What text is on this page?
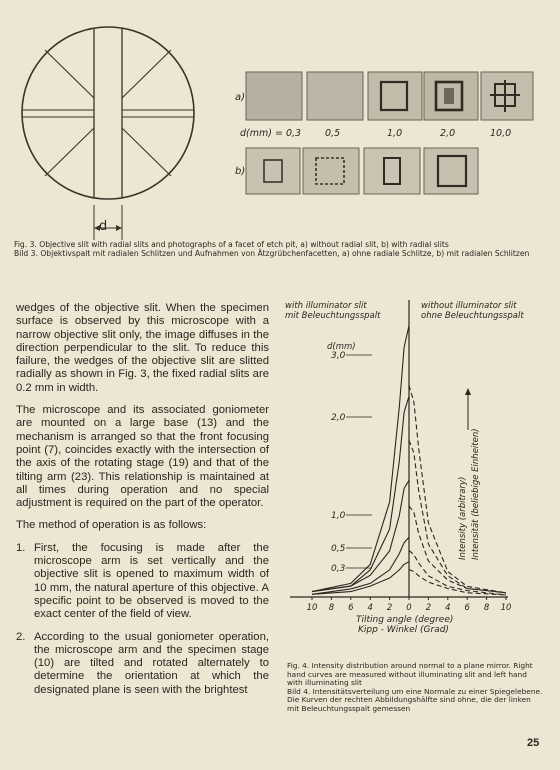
d
a)
b)
d(mm) = 0,3	0,5	1,0	2,0	10,0

Fig. 3. Objective slit with radial slits and photographs of a facet of etch pit, a) without radial slit, b) with radial slits

Bild 3. Objektivspalt mit radialen Schlitzen und Aufnahmen von Ätzgrübchenfacetten, a) ohne radiale Schlitze, b) mit radialen Schlitzen

wedges of the objective slit. When the specimen surface is observed by this microscope with a narrow objective slit only, the image diffuses in the direction perpendicular to the slit. To reduce this failure, the wedges of the objective slit are slitted radially as shown in Fig. 3, the fixed radial slits are 0.2 mm in width.

The microscope and its associated goniometer are mounted on a large base (13) and the mechanism is arranged so that the front focusing point (7), coincides exactly with the intersection of the axis of the rotating stage (19) and that of the tilting arm (23). This relationship is maintained at all times during operation and no special adjustment is required on the part of the operator.

The method of operation is as follows:

1. First, the focusing is made after the microscope arm is set vertically and the objective slit is opened to maximum width of 10 mm, the natural aperture of this objective. A specific point to be observed is moved to the exact center of the field of view.
2. According to the usual goniometer operation, the microscope arm and the specimen stage (10) are tilted and rotated alternately to determine the orientation at which the designated plane is seen with the brightest
with illuminator slit
mit Beleuchtungsspalt
without illuminator slit
ohne Beleuchtungsspalt
d(mm)
10 8 6 4 2 0 2 4 6 8 10
3,0
2,0
1,0
0,5
0,3
Intensity (arbitrary) Intensität (beliebige Einheiten)
Tilting angle (degree)
Kipp - Winkel (Grad)

Fig. 4. Intensity distribution around normal to a plane mirror. Right hand curves are measured without illuminating slit and left hand with illuminating slit

Bild 4. Intensitätsverteilung um eine Normale zu einer Spiegelebene. Die Kurven der rechten Abbildungshälfte sind ohne, die der linken mit Beleuchtungsspalt gemessen

25
